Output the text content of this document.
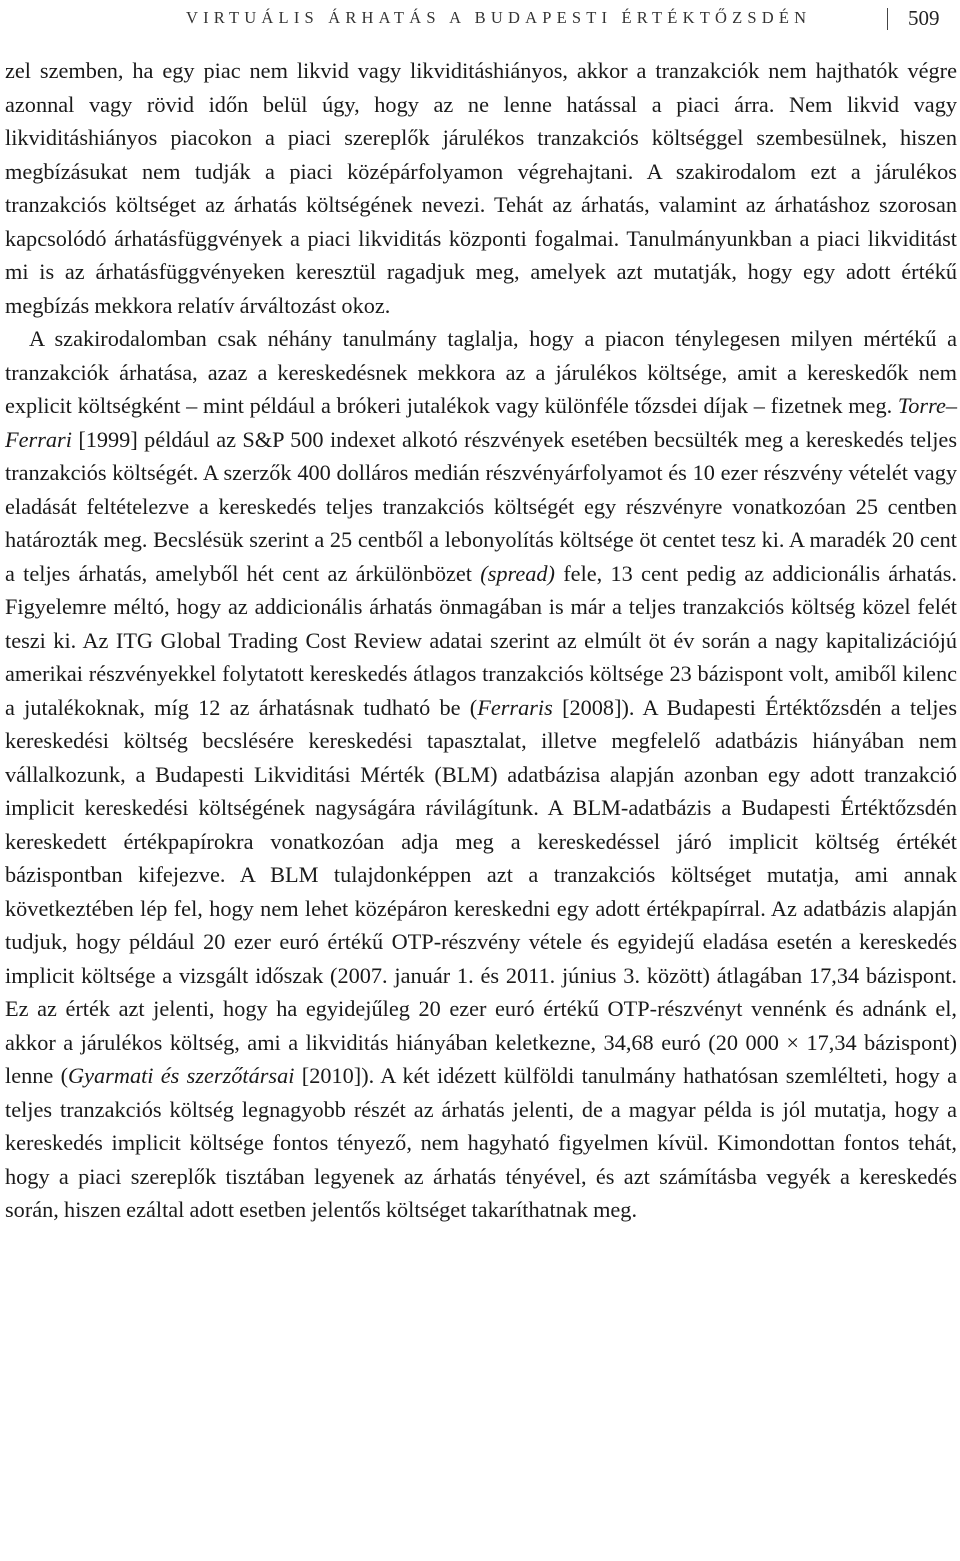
VIRTUÁLIS ÁRHATÁS A BUDAPESTI ÉRTÉKTŐZSDÉN	509

zel szemben, ha egy piac nem likvid vagy likviditáshiányos, akkor a tranzakciók nem hajthatók végre azonnal vagy rövid időn belül úgy, hogy az ne lenne hatással a piaci árra. Nem likvid vagy likviditáshiányos piacokon a piaci szereplők járulékos tranzakciós költséggel szembesülnek, hiszen megbízásukat nem tudják a piaci középárfolyamon végrehajtani. A szakirodalom ezt a járulékos tranzakciós költséget az árhatás költségének nevezi. Tehát az árhatás, valamint az árhatáshoz szorosan kapcsolódó árhatásfüggvények a piaci likviditás központi fogalmai. Tanulmányunkban a piaci likviditást mi is az árhatásfüggvényeken keresztül ragadjuk meg, amelyek azt mutatják, hogy egy adott értékű megbízás mekkora relatív árváltozást okoz.

A szakirodalomban csak néhány tanulmány taglalja, hogy a piacon ténylegesen milyen mértékű a tranzakciók árhatása, azaz a kereskedésnek mekkora az a járulékos költsége, amit a kereskedők nem explicit költségként – mint például a brókeri jutalékok vagy különféle tőzsdei díjak – fizetnek meg. Torre–Ferrari [1999] például az S&P 500 indexet alkotó részvények esetében becsülték meg a kereskedés teljes tranzakciós költségét. A szerzők 400 dolláros medián részvényárfolyamot és 10 ezer részvény vételét vagy eladását feltételezve a kereskedés teljes tranzakciós költségét egy részvényre vonatkozóan 25 centben határozták meg. Becslésük szerint a 25 centből a lebonyolítás költsége öt centet tesz ki. A maradék 20 cent a teljes árhatás, amelyből hét cent az árkülönbözet (spread) fele, 13 cent pedig az addicionális árhatás. Figyelemre méltó, hogy az addicionális árhatás önmagában is már a teljes tranzakciós költség közel felét teszi ki. Az ITG Global Trading Cost Review adatai szerint az elmúlt öt év során a nagy kapitalizációjú amerikai részvényekkel folytatott kereskedés átlagos tranzakciós költsége 23 bázispont volt, amiből kilenc a jutalékoknak, míg 12 az árhatásnak tudható be (Ferraris [2008]). A Budapesti Értéktőzsdén a teljes kereskedési költség becslésére kereskedési tapasztalat, illetve megfelelő adatbázis hiányában nem vállalkozunk, a Budapesti Likviditási Mérték (BLM) adatbázisa alapján azonban egy adott tranzakció implicit kereskedési költségének nagyságára rávilágítunk. A BLM-adatbázis a Budapesti Értéktőzsdén kereskedett értékpapírokra vonatkozóan adja meg a kereskedéssel járó implicit költség értékét bázispontban kifejezve. A BLM tulajdonképpen azt a tranzakciós költséget mutatja, ami annak következtében lép fel, hogy nem lehet középáron kereskedni egy adott értékpapírral. Az adatbázis alapján tudjuk, hogy például 20 ezer euró értékű OTP-részvény vétele és egyidejű eladása esetén a kereskedés implicit költsége a vizsgált időszak (2007. január 1. és 2011. június 3. között) átlagában 17,34 bázispont. Ez az érték azt jelenti, hogy ha egyidejűleg 20 ezer euró értékű OTP-részvényt vennénk és adnánk el, akkor a járulékos költség, ami a likviditás hiányában keletkezne, 34,68 euró (20 000 × 17,34 bázispont) lenne (Gyarmati és szerzőtársai [2010]). A két idézett külföldi tanulmány hathatósan szemlélteti, hogy a teljes tranzakciós költség legnagyobb részét az árhatás jelenti, de a magyar példa is jól mutatja, hogy a kereskedés implicit költsége fontos tényező, nem hagyható figyelmen kívül. Kimondottan fontos tehát, hogy a piaci szereplők tisztában legyenek az árhatás tényével, és azt számításba vegyék a kereskedés során, hiszen ezáltal adott esetben jelentős költséget takaríthatnak meg.
